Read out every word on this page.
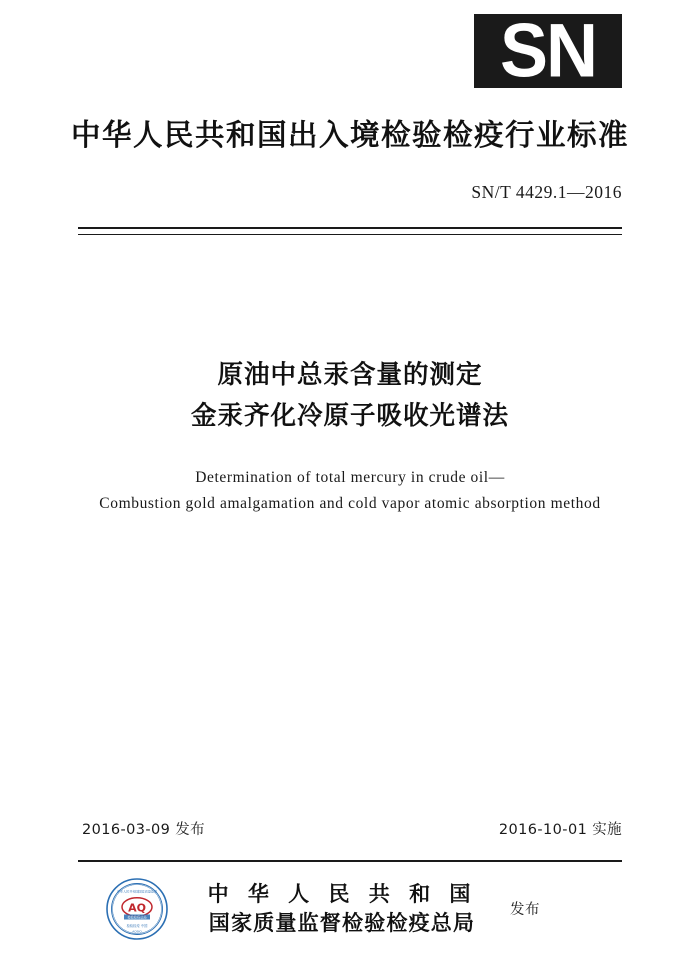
SN
中华人民共和国出入境检验检疫行业标准
SN/T 4429.1—2016
原油中总汞含量的测定
金汞齐化冷原子吸收光谱法
Determination of total mercury in crude oil—
Combustion gold amalgamation and cold vapor atomic absorption method
2016-03-09 发布	2016-10-01 实施
中华人民共和国国家质量监督
AQ
检验检疫总局
检验检疫 中国
AQSIQ
中 华 人 民 共 和 国
国家质量监督检验检疫总局
发布
